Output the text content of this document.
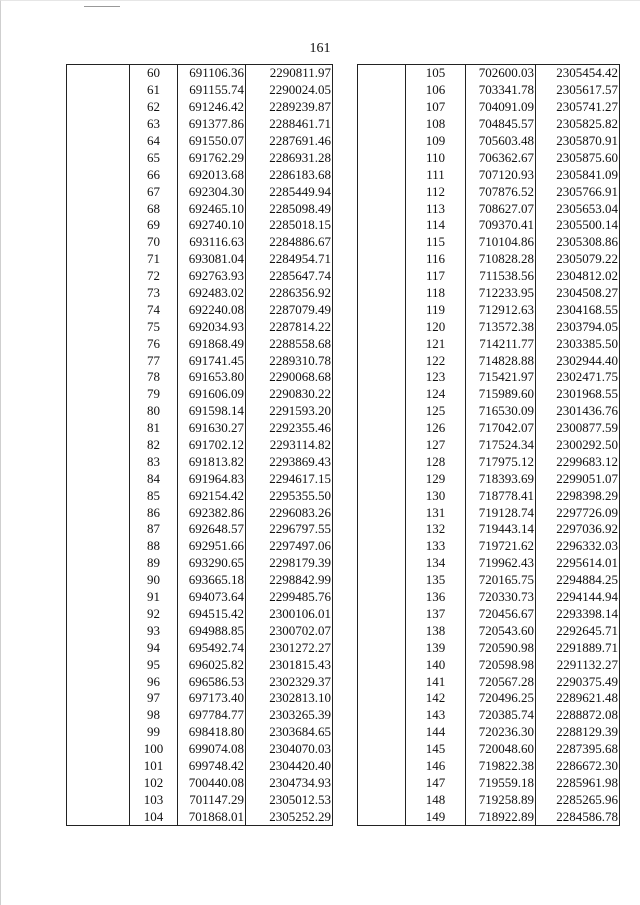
161
	60	691106.36	2290811.97
	61	691155.74	2290024.05
	62	691246.42	2289239.87
	63	691377.86	2288461.71
	64	691550.07	2287691.46
	65	691762.29	2286931.28
	66	692013.68	2286183.68
	67	692304.30	2285449.94
	68	692465.10	2285098.49
	69	692740.10	2285018.15
	70	693116.63	2284886.67
	71	693081.04	2284954.71
	72	692763.93	2285647.74
	73	692483.02	2286356.92
	74	692240.08	2287079.49
	75	692034.93	2287814.22
	76	691868.49	2288558.68
	77	691741.45	2289310.78
	78	691653.80	2290068.68
	79	691606.09	2290830.22
	80	691598.14	2291593.20
	81	691630.27	2292355.46
	82	691702.12	2293114.82
	83	691813.82	2293869.43
	84	691964.83	2294617.15
	85	692154.42	2295355.50
	86	692382.86	2296083.26
	87	692648.57	2296797.55
	88	692951.66	2297497.06
	89	693290.65	2298179.39
	90	693665.18	2298842.99
	91	694073.64	2299485.76
	92	694515.42	2300106.01
	93	694988.85	2300702.07
	94	695492.74	2301272.27
	95	696025.82	2301815.43
	96	696586.53	2302329.37
	97	697173.40	2302813.10
	98	697784.77	2303265.39
	99	698418.80	2303684.65
	100	699074.08	2304070.03
	101	699748.42	2304420.40
	102	700440.08	2304734.93
	103	701147.29	2305012.53
	104	701868.01	2305252.29
	105	702600.03	2305454.42
	106	703341.78	2305617.57
	107	704091.09	2305741.27
	108	704845.57	2305825.82
	109	705603.48	2305870.91
	110	706362.67	2305875.60
	111	707120.93	2305841.09
	112	707876.52	2305766.91
	113	708627.07	2305653.04
	114	709370.41	2305500.14
	115	710104.86	2305308.86
	116	710828.28	2305079.22
	117	711538.56	2304812.02
	118	712233.95	2304508.27
	119	712912.63	2304168.55
	120	713572.38	2303794.05
	121	714211.77	2303385.50
	122	714828.88	2302944.40
	123	715421.97	2302471.75
	124	715989.60	2301968.55
	125	716530.09	2301436.76
	126	717042.07	2300877.59
	127	717524.34	2300292.50
	128	717975.12	2299683.12
	129	718393.69	2299051.07
	130	718778.41	2298398.29
	131	719128.74	2297726.09
	132	719443.14	2297036.92
	133	719721.62	2296332.03
	134	719962.43	2295614.01
	135	720165.75	2294884.25
	136	720330.73	2294144.94
	137	720456.67	2293398.14
	138	720543.60	2292645.71
	139	720590.98	2291889.71
	140	720598.98	2291132.27
	141	720567.28	2290375.49
	142	720496.25	2289621.48
	143	720385.74	2288872.08
	144	720236.30	2288129.39
	145	720048.60	2287395.68
	146	719822.38	2286672.30
	147	719559.18	2285961.98
	148	719258.89	2285265.96
	149	718922.89	2284586.78
